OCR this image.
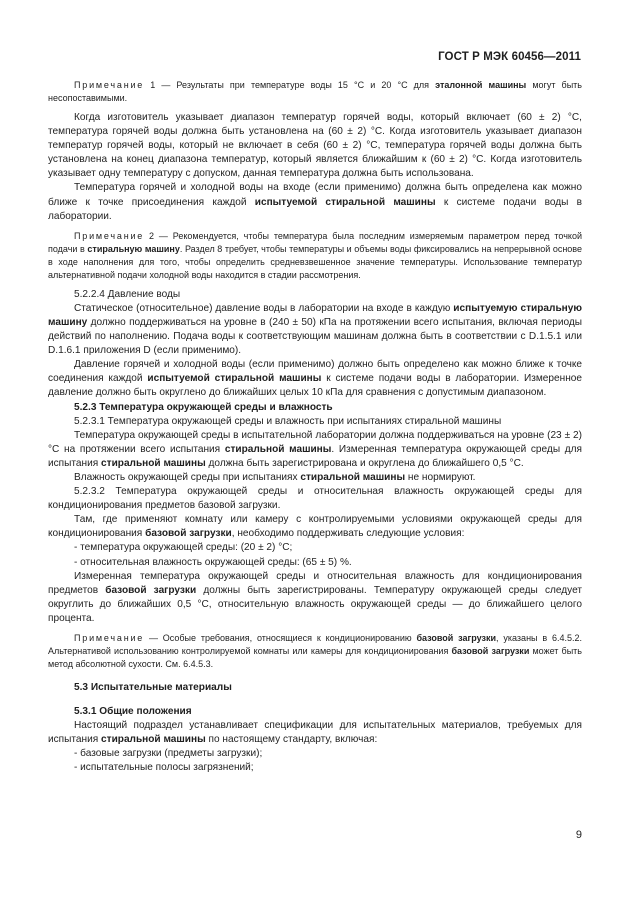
ГОСТ Р МЭК 60456—2011

Примечание 1 — Результаты при температуре воды 15 °С и 20 °С для эталонной машины могут быть несопоставимыми.

Когда изготовитель указывает диапазон температур горячей воды, который включает (60 ± 2) °С, температура горячей воды должна быть установлена на (60 ± 2) °С. Когда изготовитель указывает диапазон температур горячей воды, который не включает в себя (60 ± 2) °С, температура горячей воды должна быть установлена на конец диапазона температур, который является ближайшим к (60 ± 2) °С. Когда изготовитель указывает одну температуру с допуском, данная температура должна быть использована.

Температура горячей и холодной воды на входе (если применимо) должна быть определена как можно ближе к точке присоединения каждой испытуемой стиральной машины к системе подачи воды в лаборатории.

Примечание 2 — Рекомендуется, чтобы температура была последним измеряемым параметром перед точкой подачи в стиральную машину. Раздел 8 требует, чтобы температуры и объемы воды фиксировались на непрерывной основе в ходе наполнения для того, чтобы определить средневзвешенное значение температуры. Использование температур альтернативной подачи холодной воды находится в стадии рассмотрения.

5.2.2.4 Давление воды

Статическое (относительное) давление воды в лаборатории на входе в каждую испытуемую стиральную машину должно поддерживаться на уровне в (240 ± 50) кПа на протяжении всего испытания, включая периоды действий по наполнению. Подача воды к соответствующим машинам должна быть в соответствии с D.1.5.1 или D.1.6.1 приложения D (если применимо).

Давление горячей и холодной воды (если применимо) должно быть определено как можно ближе к точке соединения каждой испытуемой стиральной машины к системе подачи воды в лаборатории. Измеренное давление должно быть округлено до ближайших целых 10 кПа для сравнения с допустимым диапазоном.

5.2.3 Температура окружающей среды и влажность

5.2.3.1 Температура окружающей среды и влажность при испытаниях стиральной машины

Температура окружающей среды в испытательной лаборатории должна поддерживаться на уровне (23 ± 2) °С на протяжении всего испытания стиральной машины. Измеренная температура окружающей среды для испытания стиральной машины должна быть зарегистрирована и округлена до ближайшего 0,5 °С.

Влажность окружающей среды при испытаниях стиральной машины не нормируют.

5.2.3.2 Температура окружающей среды и относительная влажность окружающей среды для кондиционирования предметов базовой загрузки.

Там, где применяют комнату или камеру с контролируемыми условиями окружающей среды для кондиционирования базовой загрузки, необходимо поддерживать следующие условия:

- температура окружающей среды: (20 ± 2) °С;

- относительная влажность окружающей среды: (65 ± 5) %.

Измеренная температура окружающей среды и относительная влажность для кондиционирования предметов базовой загрузки должны быть зарегистрированы. Температуру окружающей среды следует округлить до ближайших 0,5 °С, относительную влажность окружающей среды — до ближайшего целого процента.

Примечание — Особые требования, относящиеся к кондиционированию базовой загрузки, указаны в 6.4.5.2. Альтернативой использованию контролируемой комнаты или камеры для кондиционирования базовой загрузки может быть метод абсолютной сухости. См. 6.4.5.3.

5.3 Испытательные материалы

5.3.1 Общие положения

Настоящий подраздел устанавливает спецификации для испытательных материалов, требуемых для испытания стиральной машины по настоящему стандарту, включая:

- базовые загрузки (предметы загрузки);

- испытательные полосы загрязнений;

9
